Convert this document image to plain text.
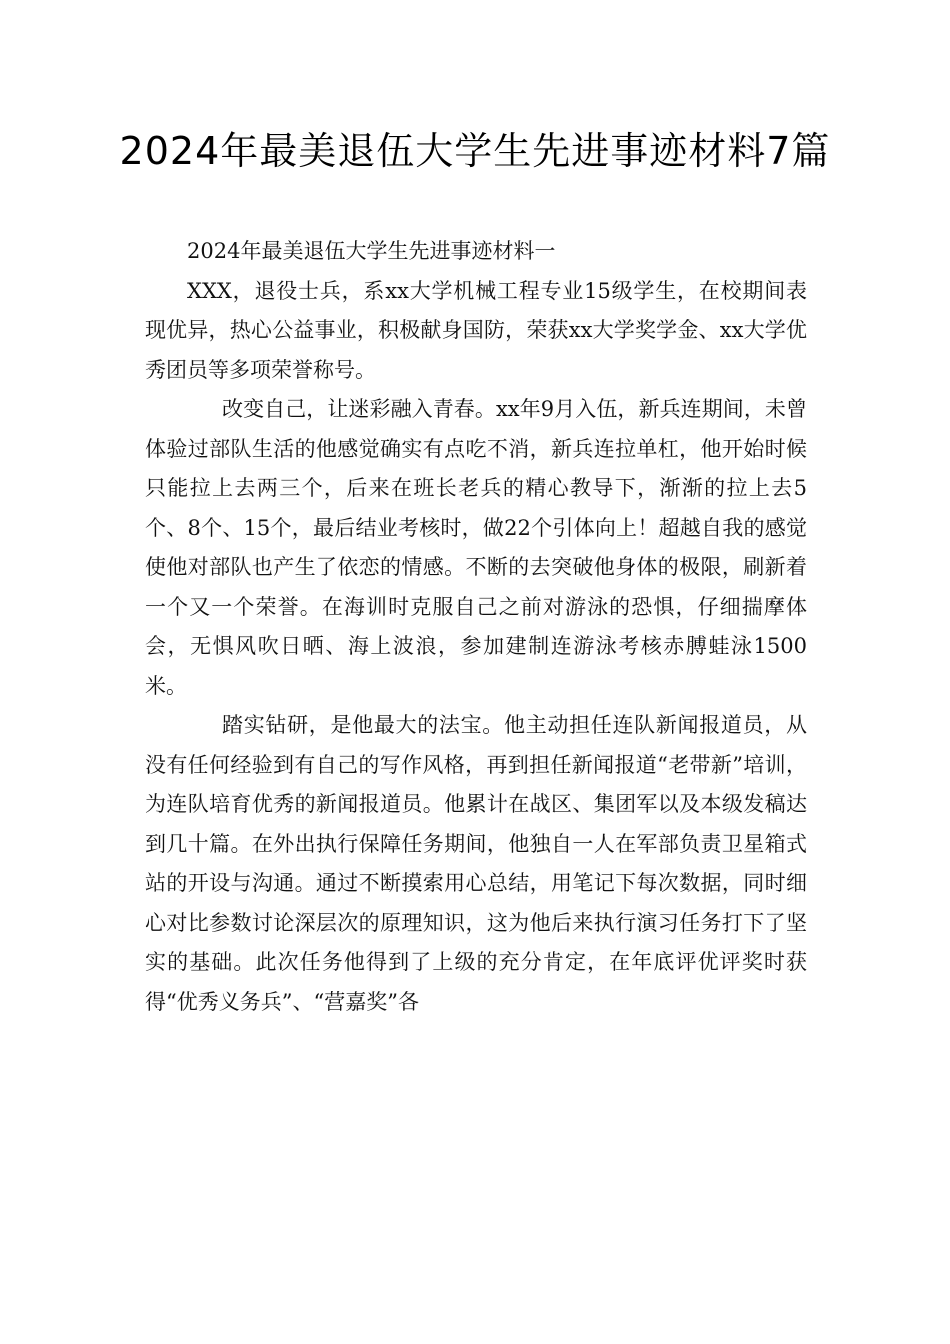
2024年最美退伍大学生先进事迹材料7篇

2024年最美退伍大学生先进事迹材料一

XXX，退役士兵，系xx大学机械工程专业15级学生，在校期间表现优异，热心公益事业，积极献身国防，荣获xx大学奖学金、xx大学优秀团员等多项荣誉称号。

改变自己，让迷彩融入青春。xx年9月入伍，新兵连期间，未曾体验过部队生活的他感觉确实有点吃不消，新兵连拉单杠，他开始时候只能拉上去两三个，后来在班长老兵的精心教导下，渐渐的拉上去5个、8个、15个，最后结业考核时，做22个引体向上！超越自我的感觉使他对部队也产生了依恋的情感。不断的去突破他身体的极限，刷新着一个又一个荣誉。在海训时克服自己之前对游泳的恐惧，仔细揣摩体会，无惧风吹日晒、海上波浪，参加建制连游泳考核赤膊蛙泳1500米。

踏实钻研，是他最大的法宝。他主动担任连队新闻报道员，从没有任何经验到有自己的写作风格，再到担任新闻报道“老带新”培训，为连队培育优秀的新闻报道员。他累计在战区、集团军以及本级发稿达到几十篇。在外出执行保障任务期间，他独自一人在军部负责卫星箱式站的开设与沟通。通过不断摸索用心总结，用笔记下每次数据，同时细心对比参数讨论深层次的原理知识，这为他后来执行演习任务打下了坚实的基础。此次任务他得到了上级的充分肯定，在年底评优评奖时获得“优秀义务兵”、“营嘉奖”各
